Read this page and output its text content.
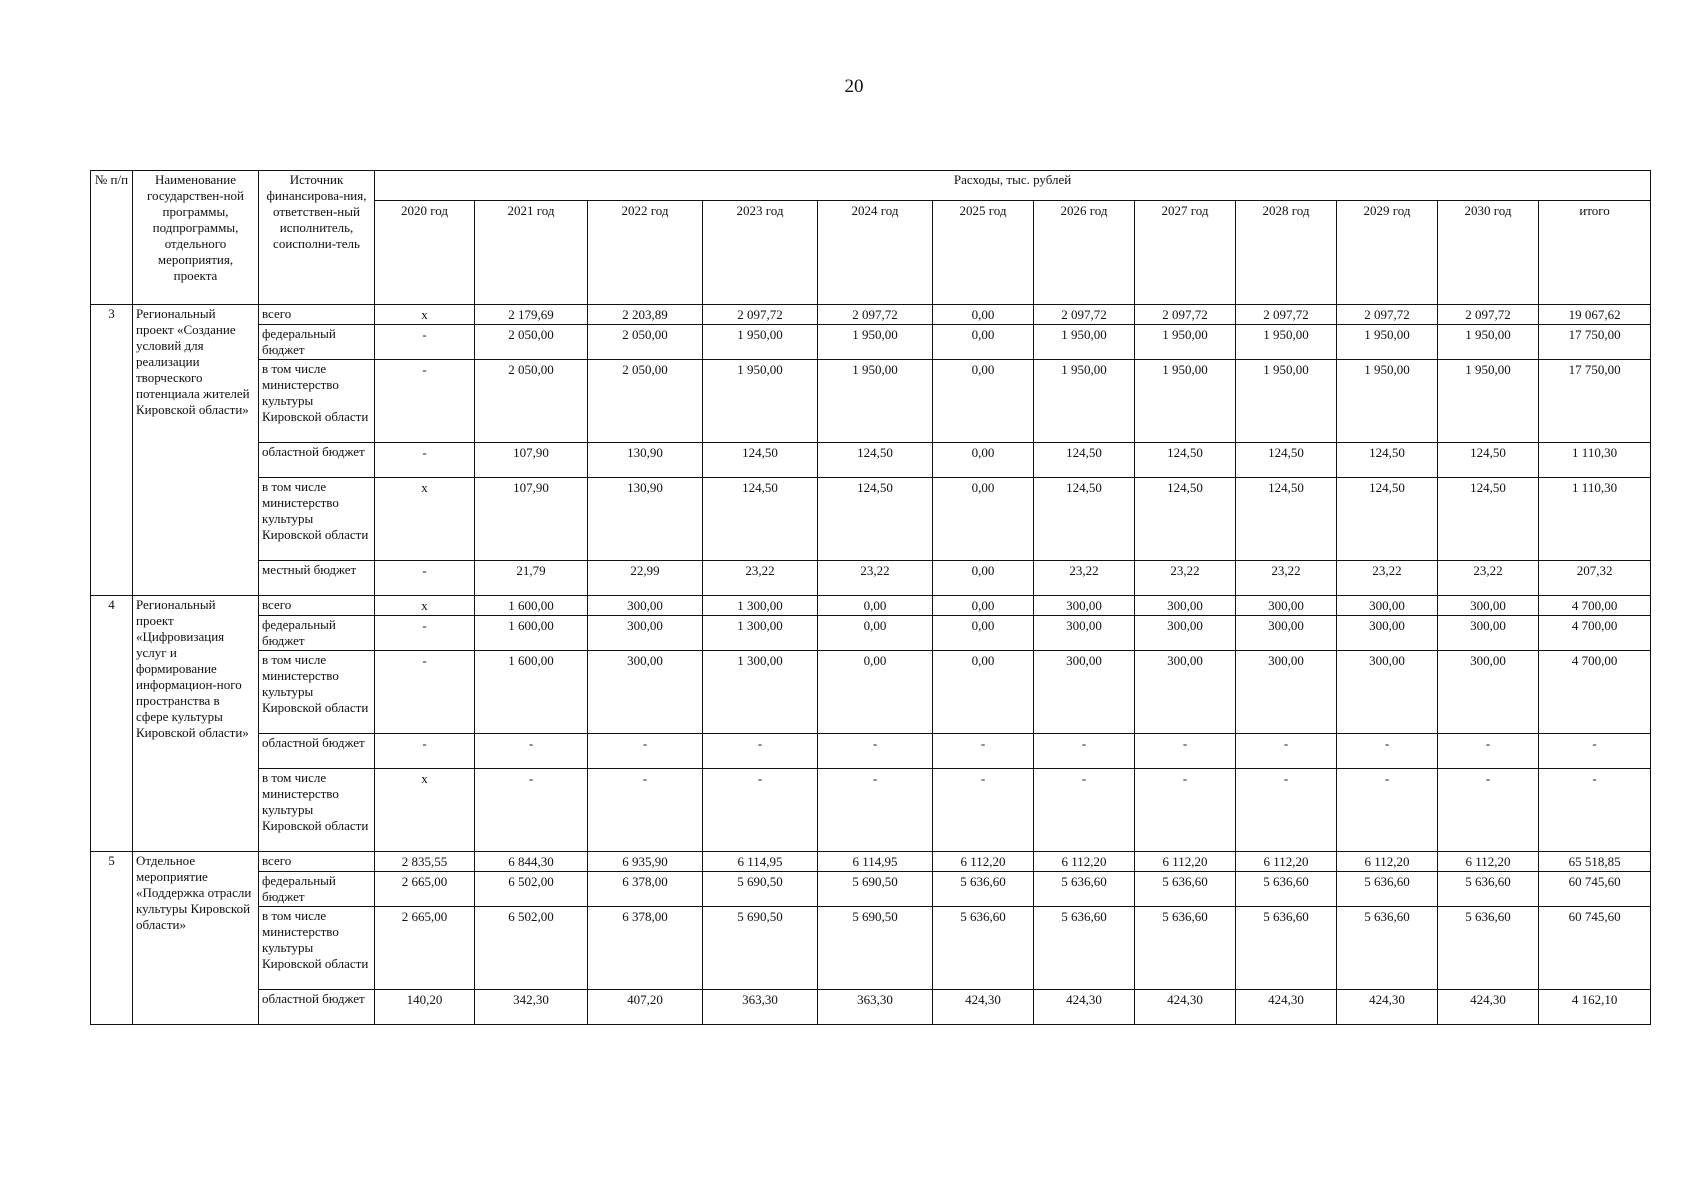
20
№ п/п	Наименование государствен-ной программы, подпрограммы, отдельного мероприятия, проекта	Источник финансирова-ния, ответствен-ный исполнитель, соисполни-тель	Расходы, тыс. рублей											
			2020 год	2021 год	2022 год	2023 год	2024 год	2025 год	2026 год	2027 год	2028 год	2029 год	2030 год	итого
3	Региональный проект «Создание условий для реализации творческого потенциала жителей Кировской области»	всего	x	2 179,69	2 203,89	2 097,72	2 097,72	0,00	2 097,72	2 097,72	2 097,72	2 097,72	2 097,72	19 067,62
		федеральный бюджет	-	2 050,00	2 050,00	1 950,00	1 950,00	0,00	1 950,00	1 950,00	1 950,00	1 950,00	1 950,00	17 750,00
		в том числе министерство культуры Кировской области	-	2 050,00	2 050,00	1 950,00	1 950,00	0,00	1 950,00	1 950,00	1 950,00	1 950,00	1 950,00	17 750,00
		областной бюджет	-	107,90	130,90	124,50	124,50	0,00	124,50	124,50	124,50	124,50	124,50	1 110,30
		в том числе министерство культуры Кировской области	x	107,90	130,90	124,50	124,50	0,00	124,50	124,50	124,50	124,50	124,50	1 110,30
		местный бюджет	-	21,79	22,99	23,22	23,22	0,00	23,22	23,22	23,22	23,22	23,22	207,32
4	Региональный проект «Цифровизация услуг и формирование информацион-ного пространства в сфере культуры Кировской области»	всего	x	1 600,00	300,00	1 300,00	0,00	0,00	300,00	300,00	300,00	300,00	300,00	4 700,00
		федеральный бюджет	-	1 600,00	300,00	1 300,00	0,00	0,00	300,00	300,00	300,00	300,00	300,00	4 700,00
		в том числе министерство культуры Кировской области	-	1 600,00	300,00	1 300,00	0,00	0,00	300,00	300,00	300,00	300,00	300,00	4 700,00
		областной бюджет	-	-	-	-	-	-	-	-	-	-	-	-
		в том числе министерство культуры Кировской области	x	-	-	-	-	-	-	-	-	-	-	-
5	Отдельное мероприятие «Поддержка отрасли культуры Кировской области»	всего	2 835,55	6 844,30	6 935,90	6 114,95	6 114,95	6 112,20	6 112,20	6 112,20	6 112,20	6 112,20	6 112,20	65 518,85
		федеральный бюджет	2 665,00	6 502,00	6 378,00	5 690,50	5 690,50	5 636,60	5 636,60	5 636,60	5 636,60	5 636,60	5 636,60	60 745,60
		в том числе министерство культуры Кировской области	2 665,00	6 502,00	6 378,00	5 690,50	5 690,50	5 636,60	5 636,60	5 636,60	5 636,60	5 636,60	5 636,60	60 745,60
		областной бюджет	140,20	342,30	407,20	363,30	363,30	424,30	424,30	424,30	424,30	424,30	424,30	4 162,10
